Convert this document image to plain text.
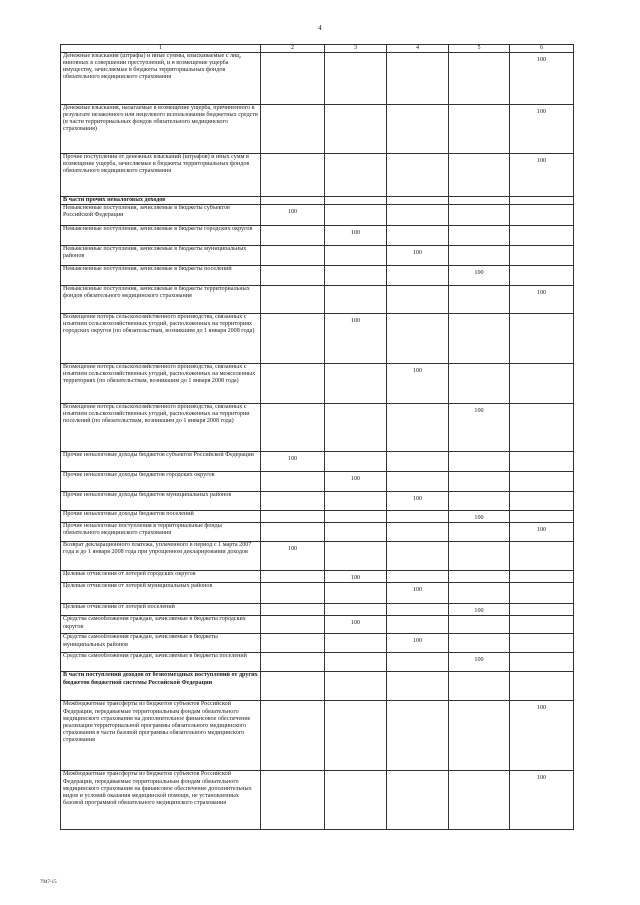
4
1	2	3	4	5	6
Денежные взыскания (штрафы) и иные суммы, взыскиваемые с лиц, виновных в совершении преступлений, и в возмещение ущерба имуществу, зачисляемые в бюджеты территориальных фондов обязательного медицинского страхования					100
Денежные взыскания, налагаемые в возмещение ущерба, причиненного в результате незаконного или нецелевого использования бюджетных средств (в части территориальных фондов обязательного медицинского страхования)					100
Прочие поступления от денежных взысканий (штрафов) и иных сумм в возмещение ущерба, зачисляемые в бюджеты территориальных фондов обязательного медицинского страхования					100
В части прочих неналоговых доходов					
Невыясненные поступления, зачисляемые в бюджеты субъектов Российской Федерации	100				
Невыясненные поступления, зачисляемые в бюджеты городских округов		100			
Невыясненные поступления, зачисляемые в бюджеты муниципальных районов			100		
Невыясненные поступления, зачисляемые в бюджеты поселений				100	
Невыясненные поступления, зачисляемые в бюджеты территориальных фондов обязательного медицинского страхования					100
Возмещение потерь сельскохозяйственного производства, связанных с изъятием сельскохозяйственных угодий, расположенных на территориях городских округов (по обязательствам, возникшим до 1 января 2008 года)		100			
Возмещение потерь сельскохозяйственного производства, связанных с изъятием сельскохозяйственных угодий, расположенных на межселенных территориях (по обязательствам, возникшим до 1 января 2008 года)			100		
Возмещение потерь сельскохозяйственного производства, связанных с изъятием сельскохозяйственных угодий, расположенных на территории поселений (по обязательствам, возникшим до 1 января 2008 года)				100	
Прочие неналоговые доходы бюджетов субъектов Российской Федерации	100				
Прочие неналоговые доходы бюджетов городских округов		100			
Прочие неналоговые доходы бюджетов муниципальных районов			100		
Прочие неналоговые доходы бюджетов поселений				100	
Прочие неналоговые поступления в территориальные фонды обязательного медицинского страхования					100
Возврат декларационного платежа, уплаченного в период с 1 марта 2007 года и до 1 января 2008 года при упрощенном декларировании доходов	100				
Целевые отчисления от лотерей городских округов		100			
Целевые отчисления от лотерей муниципальных районов			100		
Целевые отчисления от лотерей поселений				100	
Средства самообложения граждан, зачисляемые в бюджеты городских округов		100			
Средства самообложения граждан, зачисляемые в бюджеты муниципальных районов			100		
Средства самообложения граждан, зачисляемые в бюджеты поселений				100	
В части поступлений доходов от безвозмездных поступлений от других бюджетов бюджетной системы Российской Федерации					
Межбюджетные трансферты из бюджетов субъектов Российской Федерации, передаваемые территориальным фондам обязательного медицинского страхования на дополнительное финансовое обеспечение реализации территориальной программы обязательного медицинского страхования в части базовой программы обязательного медицинского страхования					100
Межбюджетные трансферты из бюджетов субъектов Российской Федерации, передаваемые территориальным фондам обязательного медицинского страхования на финансовое обеспечение дополнительных видов и условий оказания медицинской помощи, не установленных базовой программой обязательного медицинского страхования					100
7947-15
